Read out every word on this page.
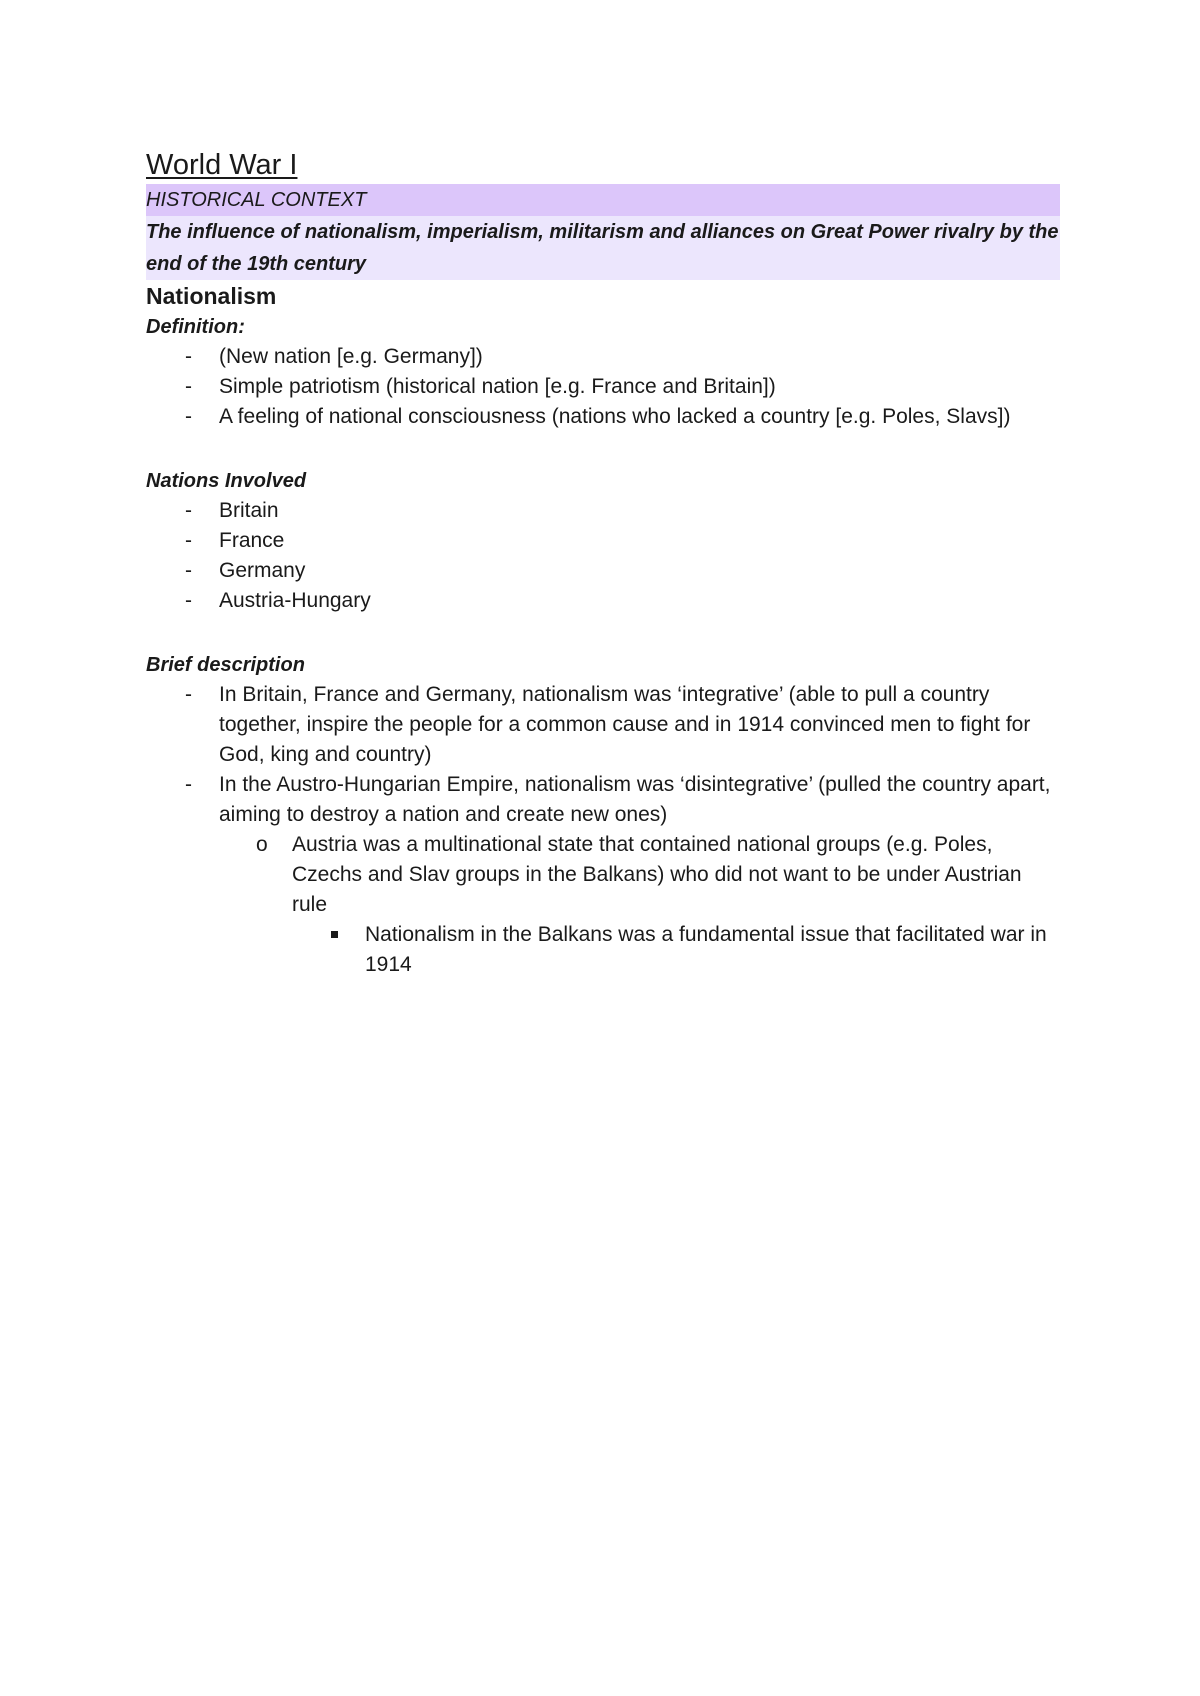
World War I
HISTORICAL CONTEXT
The influence of nationalism, imperialism, militarism and alliances on Great Power rivalry by the end of the 19th century
Nationalism

Definition:

- (New nation [e.g. Germany])
- Simple patriotism (historical nation [e.g. France and Britain])
- A feeling of national consciousness (nations who lacked a country [e.g. Poles, Slavs])

Nations Involved

- Britain
- France
- Germany
- Austria-Hungary

Brief description

- In Britain, France and Germany, nationalism was ‘integrative’ (able to pull a country together, inspire the people for a common cause and in 1914 convinced men to fight for God, king and country)
- In the Austro-Hungarian Empire, nationalism was ‘disintegrative’ (pulled the country apart, aiming to destroy a nation and create new ones)
o Austria was a multinational state that contained national groups (e.g. Poles, Czechs and Slav groups in the Balkans) who did not want to be under Austrian rule
Nationalism in the Balkans was a fundamental issue that facilitated war in 1914
